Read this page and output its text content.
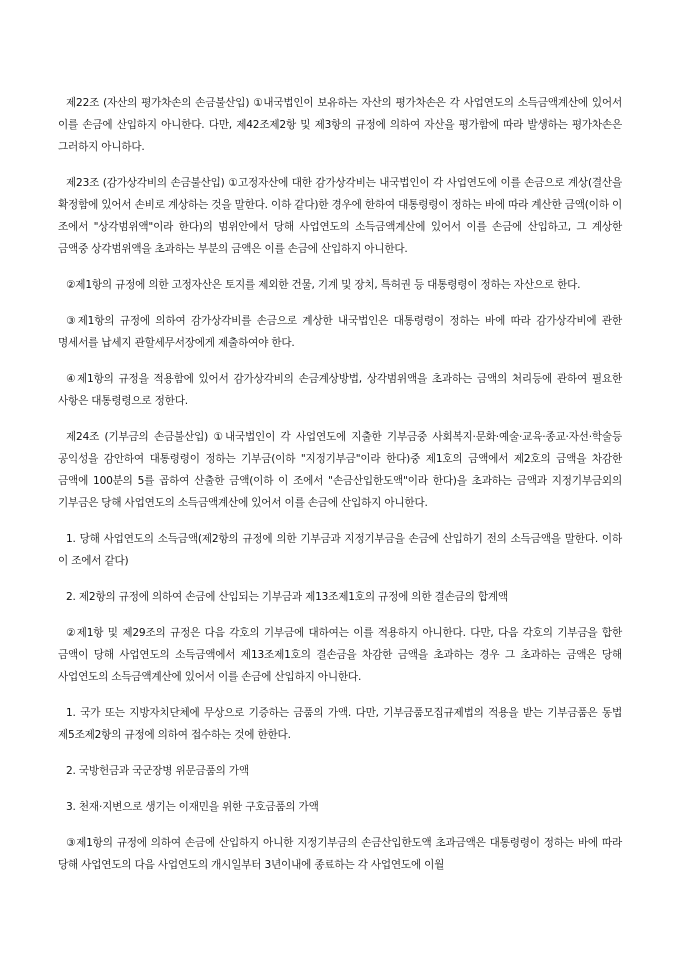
제22조 (자산의 평가차손의 손금불산입) ①내국법인이 보유하는 자산의 평가차손은 각 사업연도의 소득금액계산에 있어서 이를 손금에 산입하지 아니한다. 다만, 제42조제2항 및 제3항의 규정에 의하여 자산을 평가함에 따라 발생하는 평가차손은 그러하지 아니하다.

제23조 (감가상각비의 손금불산입) ①고정자산에 대한 감가상각비는 내국법인이 각 사업연도에 이를 손금으로 계상(결산을 확정함에 있어서 손비로 계상하는 것을 말한다. 이하 같다)한 경우에 한하여 대통령령이 정하는 바에 따라 계산한 금액(이하 이 조에서 "상각범위액"이라 한다)의 범위안에서 당해 사업연도의 소득금액계산에 있어서 이를 손금에 산입하고, 그 계상한 금액중 상각범위액을 초과하는 부분의 금액은 이를 손금에 산입하지 아니한다.

②제1항의 규정에 의한 고정자산은 토지를 제외한 건물, 기계 및 장치, 특허권 등 대통령령이 정하는 자산으로 한다.

③제1항의 규정에 의하여 감가상각비를 손금으로 계상한 내국법인은 대통령령이 정하는 바에 따라 감가상각비에 관한 명세서를 납세지 관할세무서장에게 제출하여야 한다.

④제1항의 규정을 적용함에 있어서 감가상각비의 손금계상방법, 상각범위액을 초과하는 금액의 처리등에 관하여 필요한 사항은 대통령령으로 정한다.

제24조 (기부금의 손금불산입) ①내국법인이 각 사업연도에 지출한 기부금중 사회복지·문화·예술·교육·종교·자선·학술등 공익성을 감안하여 대통령령이 정하는 기부금(이하 "지정기부금"이라 한다)중 제1호의 금액에서 제2호의 금액을 차감한 금액에 100분의 5를 곱하여 산출한 금액(이하 이 조에서 "손금산입한도액"이라 한다)을 초과하는 금액과 지정기부금외의 기부금은 당해 사업연도의 소득금액계산에 있어서 이를 손금에 산입하지 아니한다.

1. 당해 사업연도의 소득금액(제2항의 규정에 의한 기부금과 지정기부금을 손금에 산입하기 전의 소득금액을 말한다. 이하 이 조에서 같다)

2. 제2항의 규정에 의하여 손금에 산입되는 기부금과 제13조제1호의 규정에 의한 결손금의 합계액

②제1항 및 제29조의 규정은 다음 각호의 기부금에 대하여는 이를 적용하지 아니한다. 다만, 다음 각호의 기부금을 합한 금액이 당해 사업연도의 소득금액에서 제13조제1호의 결손금을 차감한 금액을 초과하는 경우 그 초과하는 금액은 당해 사업연도의 소득금액계산에 있어서 이를 손금에 산입하지 아니한다.

1. 국가 또는 지방자치단체에 무상으로 기증하는 금품의 가액. 다만, 기부금품모집규제법의 적용을 받는 기부금품은 동법 제5조제2항의 규정에 의하여 접수하는 것에 한한다.

2. 국방헌금과 국군장병 위문금품의 가액

3. 천재·지변으로 생기는 이재민을 위한 구호금품의 가액

③제1항의 규정에 의하여 손금에 산입하지 아니한 지정기부금의 손금산입한도액 초과금액은 대통령령이 정하는 바에 따라 당해 사업연도의 다음 사업연도의 개시일부터 3년이내에 종료하는 각 사업연도에 이월
